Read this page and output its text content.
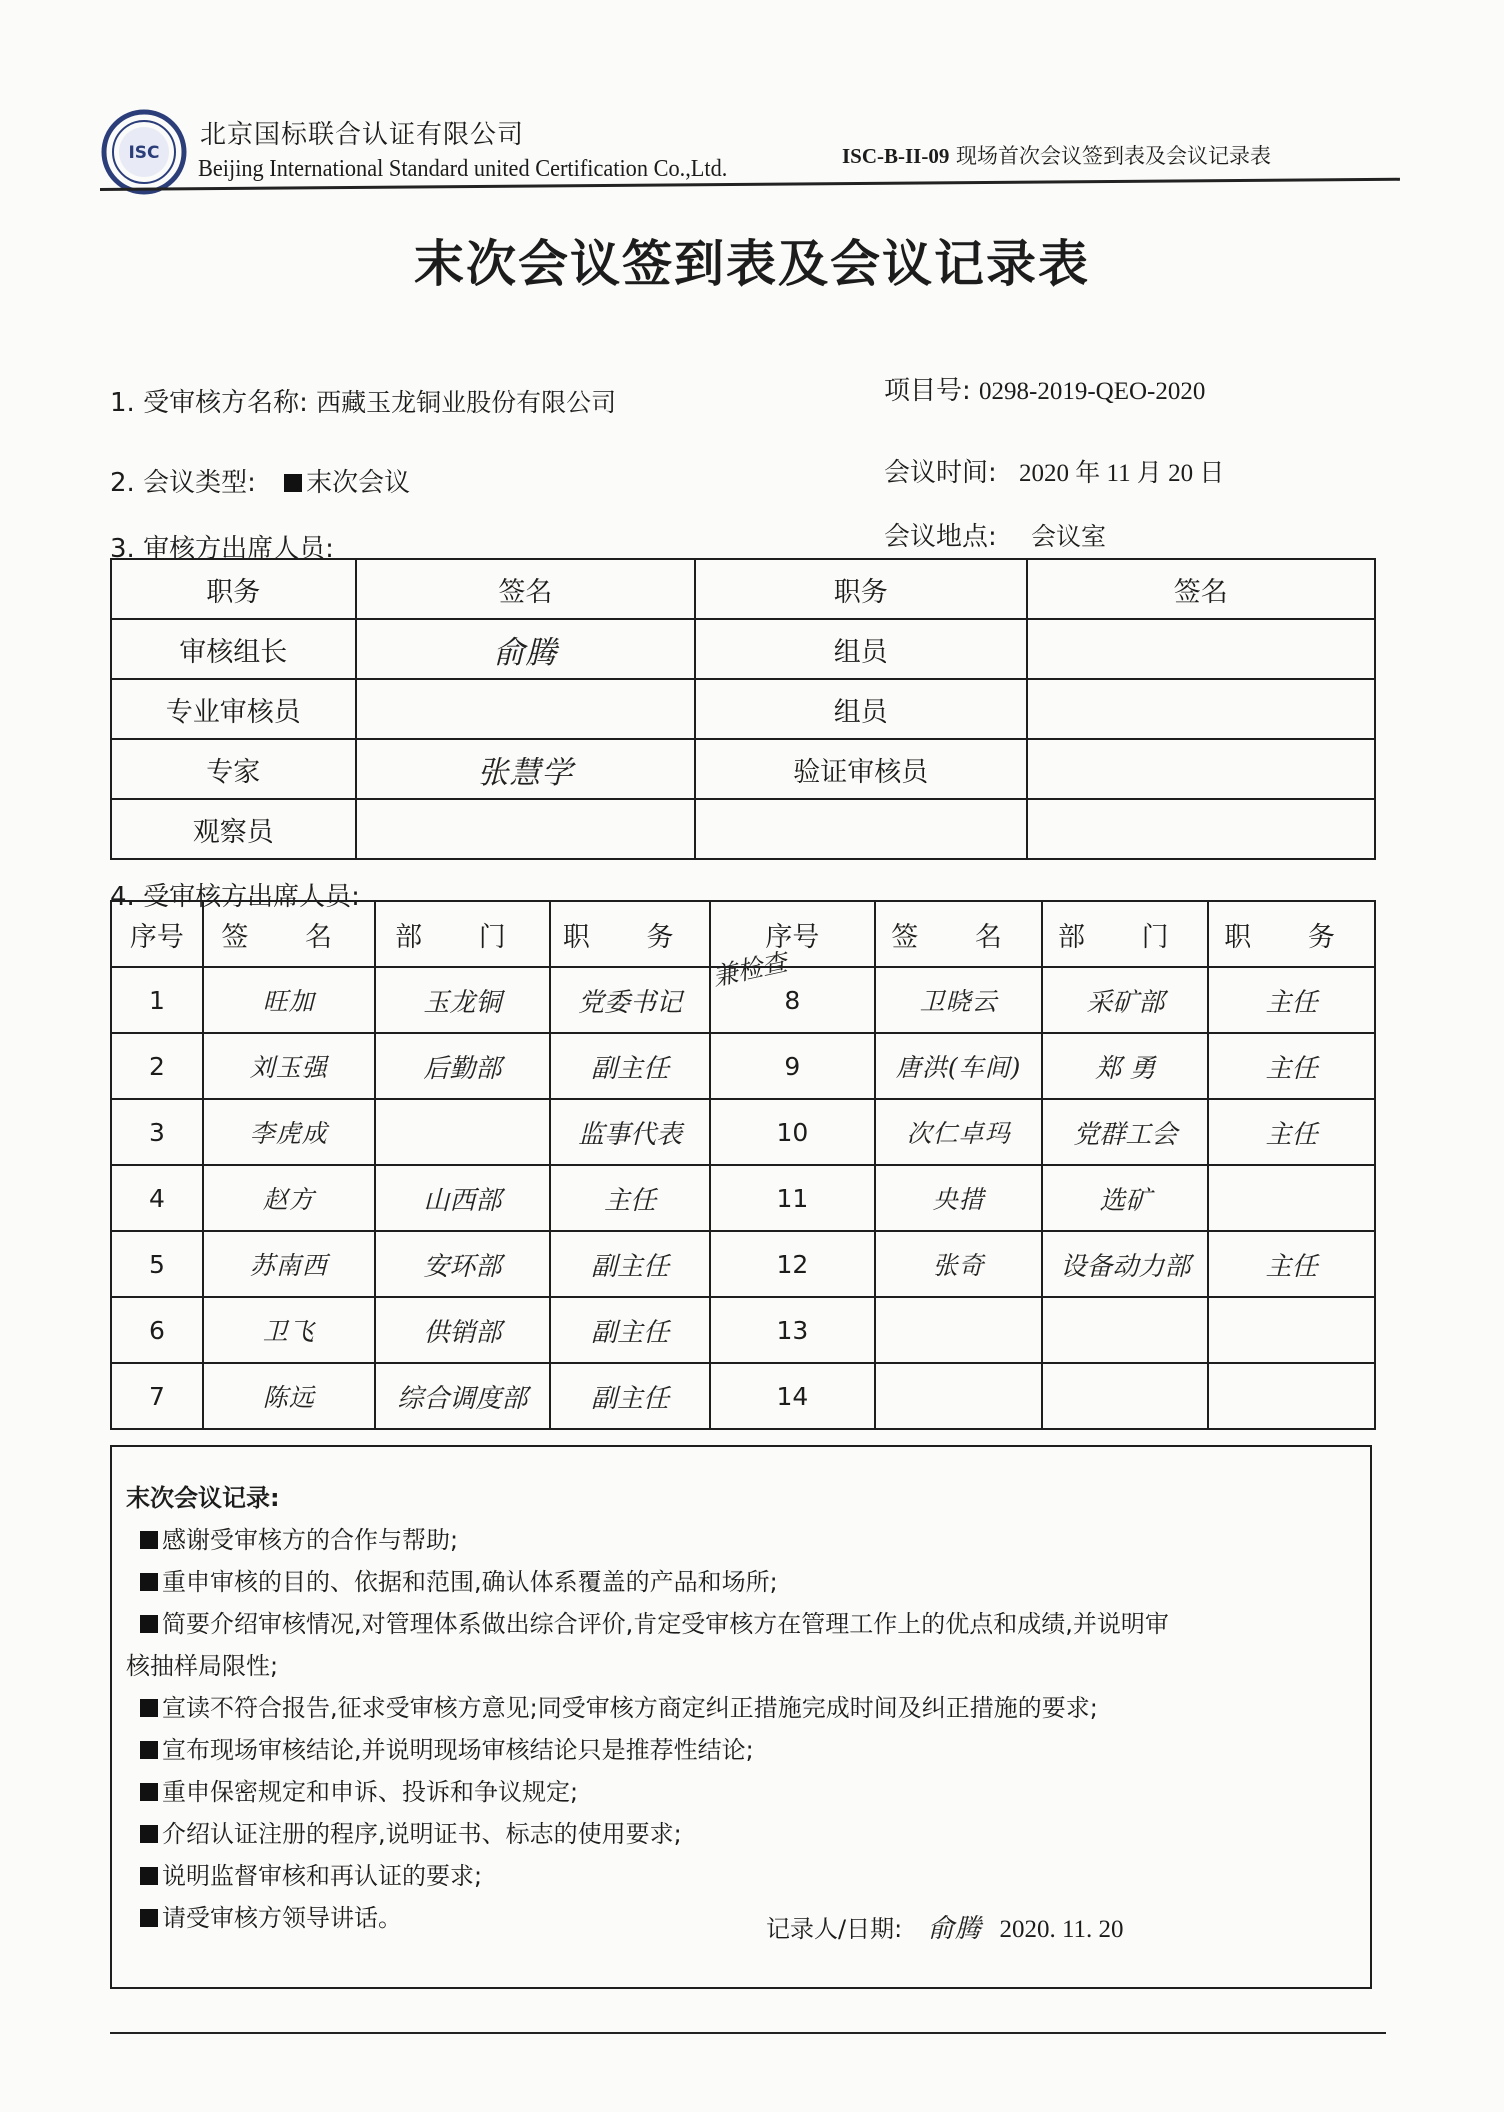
ISC
北京国标联合认证有限公司
Beijing International Standard united Certification Co.,Ltd.	ISC-B-II-09 现场首次会议签到表及会议记录表
末次会议签到表及会议记录表
1. 受审核方名称: 西藏玉龙铜业股份有限公司	项目号: 0298-2019-QEO-2020
2. 会议类型: 末次会议	会议时间: 2020 年 11 月 20 日
3. 审核方出席人员:	会议地点: 会议室
职务	签名	职务	签名
审核组长	俞腾	组员	
专业审核员		组员	
专家	张慧学	验证审核员	
观察员			
4. 受审核方出席人员:
序号	签 名	部 门	职 务	序号	签 名	部 门	职 务
1	旺加	玉龙铜	党委书记	8	卫晓云	采矿部	主任
2	刘玉强	后勤部	副主任	9	唐洪(车间)	郑 勇	主任
3	李虎成		监事代表	10	次仁卓玛	党群工会	主任
4	赵方	山西部	主任	11	央措	选矿	
5	苏南西	安环部	副主任	12	张奇	设备动力部	主任
6	卫飞	供销部	副主任	13			
7	陈远	综合调度部	副主任	14			
兼检查
末次会议记录:
感谢受审核方的合作与帮助;
重申审核的目的、依据和范围,确认体系覆盖的产品和场所;
简要介绍审核情况,对管理体系做出综合评价,肯定受审核方在管理工作上的优点和成绩,并说明审
宣读不符合报告,征求受审核方意见;同受审核方商定纠正措施完成时间及纠正措施的要求;
宣布现场审核结论,并说明现场审核结论只是推荐性结论;
重申保密规定和申诉、投诉和争议规定;
介绍认证注册的程序,说明证书、标志的使用要求;
说明监督审核和再认证的要求;
请受审核方领导讲话。
核抽样局限性;
记录人/日期: 俞腾 2020. 11. 20
